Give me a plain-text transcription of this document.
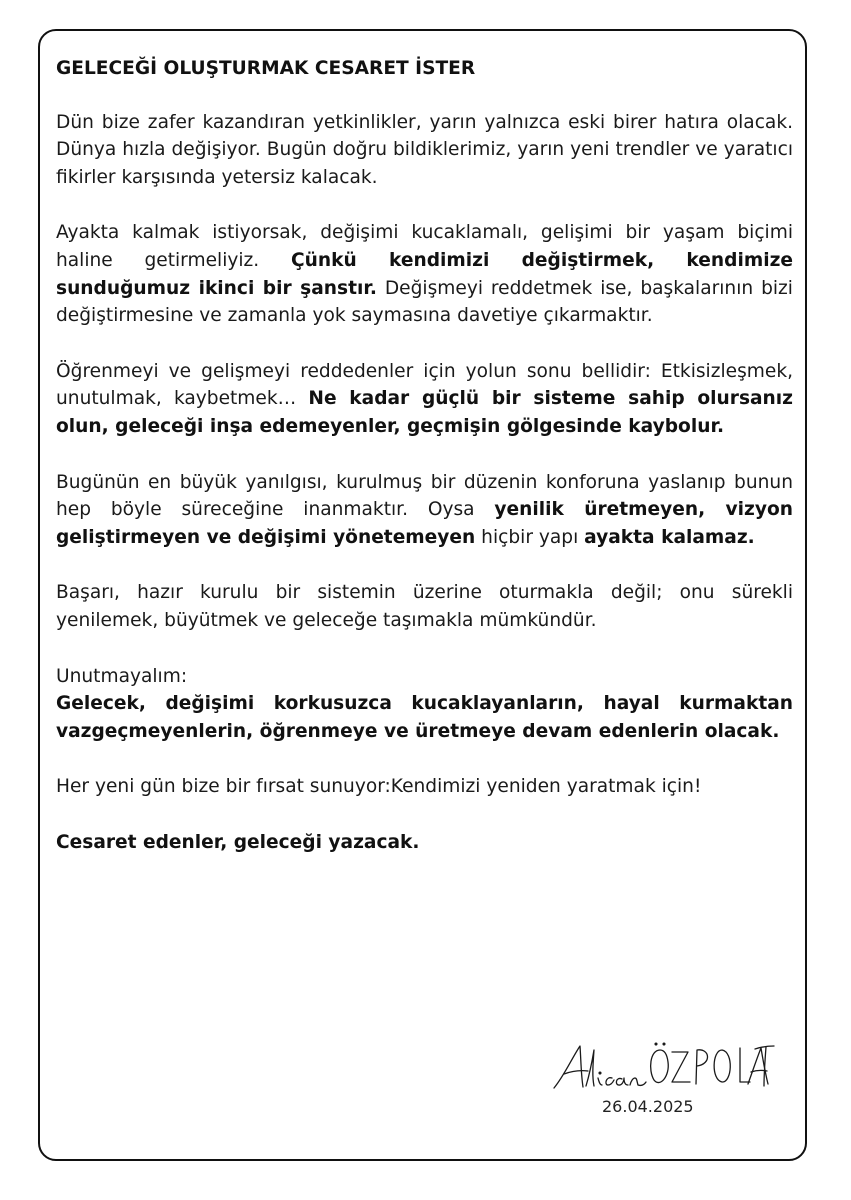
GELECEĞİ OLUŞTURMAK CESARET İSTER

Dün bize zafer kazandıran yetkinlikler, yarın yalnızca eski birer hatıra olacak. Dünya hızla değişiyor. Bugün doğru bildiklerimiz, yarın yeni trendler ve yaratıcı fikirler karşısında yetersiz kalacak.

Ayakta kalmak istiyorsak, değişimi kucaklamalı, gelişimi bir yaşam biçimi haline getirmeliyiz. Çünkü kendimizi değiştirmek, kendimize sunduğumuz ikinci bir şanstır. Değişmeyi reddetmek ise, başkalarının bizi değiştirmesine ve zamanla yok saymasına davetiye çıkarmaktır.

Öğrenmeyi ve gelişmeyi reddedenler için yolun sonu bellidir: Etkisizleşmek, unutulmak, kaybetmek… Ne kadar güçlü bir sisteme sahip olursanız olun, geleceği inşa edemeyenler, geçmişin gölgesinde kaybolur.

Bugünün en büyük yanılgısı, kurulmuş bir düzenin konforuna yaslanıp bunun hep böyle süreceğine inanmaktır. Oysa yenilik üretmeyen, vizyon geliştirmeyen ve değişimi yönetemeyen hiçbir yapı ayakta kalamaz.

Başarı, hazır kurulu bir sistemin üzerine oturmakla değil; onu sürekli yenilemek, büyütmek ve geleceğe taşımakla mümkündür.

Unutmayalım:

Gelecek, değişimi korkusuzca kucaklayanların, hayal kurmaktan vazgeçmeyenlerin, öğrenmeye ve üretmeye devam edenlerin olacak.

Her yeni gün bize bir fırsat sunuyor:Kendimizi yeniden yaratmak için!

Cesaret edenler, geleceği yazacak.

26.04.2025
